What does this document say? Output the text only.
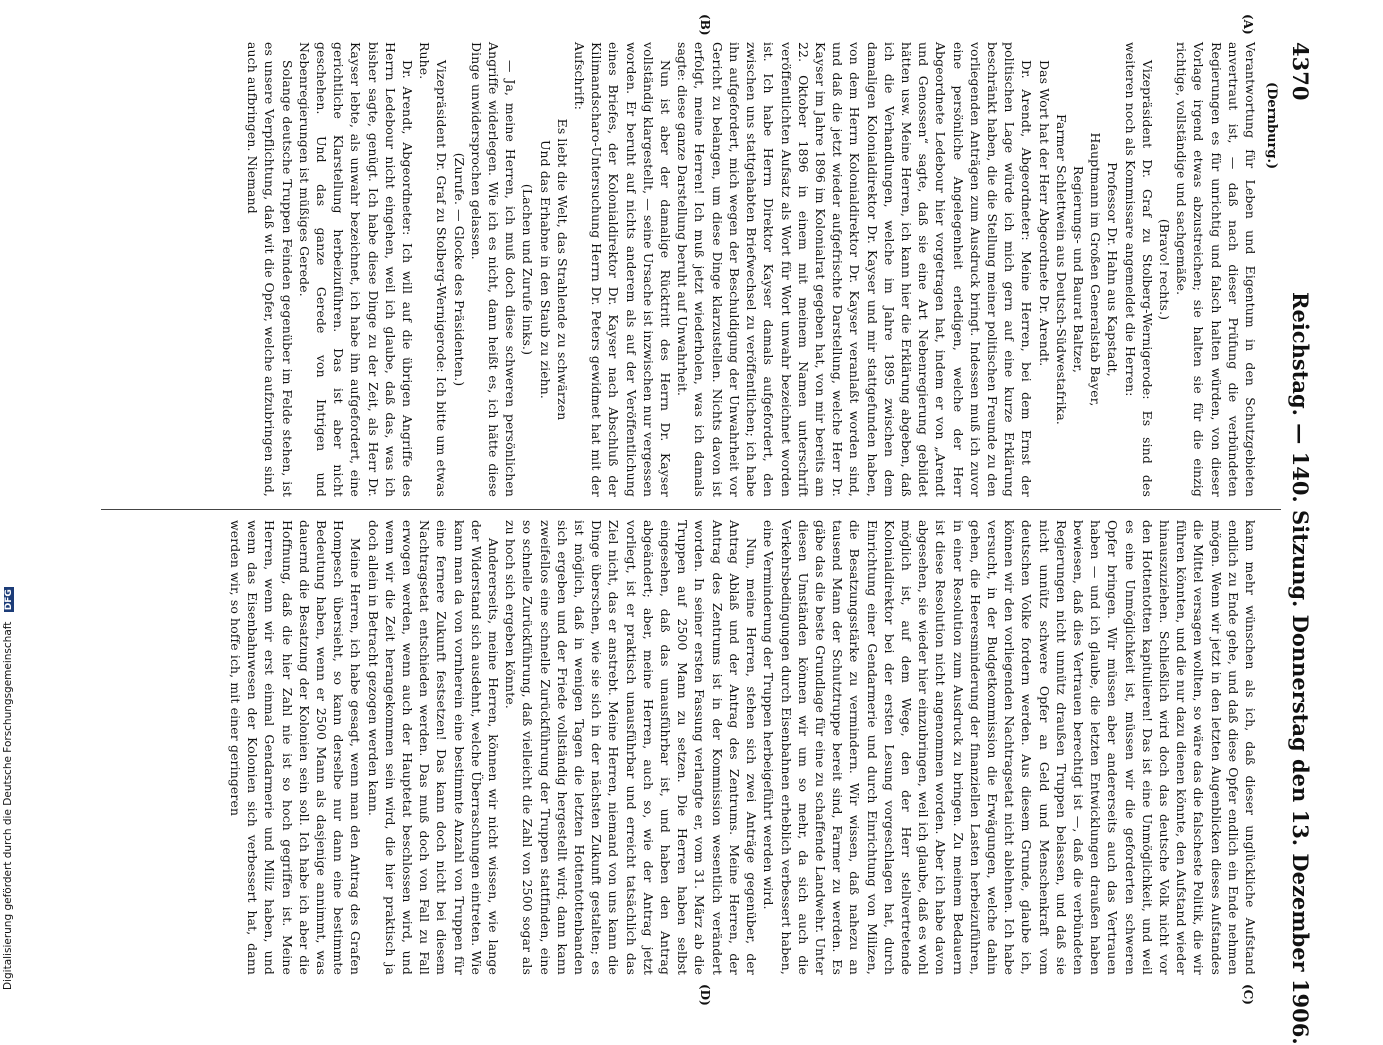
4370
Reichstag. — 140. Sitzung. Donnerstag den 13. Dezember 1906.
(Dernburg.)
(A)
(B)
(C)
(D)

Verantwortung für Leben und Eigentum in den Schutzgebieten anvertraut ist, — daß nach dieser Prüfung die verbündeten Regierungen es für unrichtig und falsch halten würden, von dieser Vorlage irgend etwas abzustreichen; sie halten sie für die einzig richtige, vollständige und sachgemäße.

(Bravo! rechts.)

Vizepräsident Dr. Graf zu Stolberg-Wernigerode: Es sind des weiteren noch als Kommissare angemeldet die Herren:

Professor Dr. Hahn aus Kapstadt,

Hauptmann im Großen Generalstab Bayer,

Regierungs- und Baurat Baltzer,

Farmer Schlettwein aus Deutsch-Südwestafrika.

Das Wort hat der Herr Abgeordnete Dr. Arendt.

Dr. Arendt, Abgeordneter: Meine Herren, bei dem Ernst der politischen Lage würde ich mich gern auf eine kurze Erklärung beschränkt haben, die die Stellung meiner politischen Freunde zu den vorliegenden Anträgen zum Ausdruck bringt. Indessen muß ich zuvor eine persönliche Angelegenheit erledigen, welche der Herr Abgeordnete Ledebour hier vorgetragen hat, indem er von „Arendt und Genossen“ sagte, daß sie eine Art Nebenregierung gebildet hätten usw. Meine Herren, ich kann hier die Erklärung abgeben, daß ich die Verhandlungen, welche im Jahre 1895 zwischen dem damaligen Kolonialdirektor Dr. Kayser und mir stattgefunden haben, von dem Herrn Kolonialdirektor Dr. Kayser veranlaßt worden sind, und daß die jetzt wieder aufgefrischte Darstellung, welche Herr Dr. Kayser im Jahre 1896 im Kolonialrat gegeben hat, von mir bereits am 22. Oktober 1896 in einem mit meinem Namen unterschrift veröffentlichten Aufsatz als Wort für Wort unwahr bezeichnet worden ist. Ich habe Herrn Direktor Kayser damals aufgefordert, den zwischen uns stattgehabten Briefwechsel zu veröffentlichen; ich habe ihn aufgefordert, mich wegen der Beschuldigung der Unwahrheit vor Gericht zu belangen, um diese Dinge klarzustellen. Nichts davon ist erfolgt, meine Herren! Ich muß jetzt wiederholen, was ich damals sagte: diese ganze Darstellung beruht auf Unwahrheit.

Nun ist aber der damalige Rücktritt des Herrn Dr. Kayser vollständig klargestellt, — seine Ursache ist inzwischen nur vergessen worden. Er beruht auf nichts anderem als auf der Veröffentlichung eines Briefes, der Kolonialdirektor Dr. Kayser nach Abschluß der Kilimandscharo-Untersuchung Herrn Dr. Peters gewidmet hat mit der Aufschrift:

Es liebt die Welt, das Strahlende zu schwärzen

Und das Erhabne in den Staub zu ziehn.

(Lachen und Zurufe links.)

— Ja, meine Herren, ich muß doch diese schweren persönlichen Angriffe widerlegen. Wie ich es nicht, dann heißt es, ich hätte diese Dinge unwidersprochen gelassen.

(Zurufe. — Glocke des Präsidenten.)

Vizepräsident Dr. Graf zu Stolberg-Wernigerode: Ich bitte um etwas Ruhe.

Dr. Arendt, Abgeordneter: Ich will auf die übrigen Angriffe des Herrn Ledebour nicht eingehen, weil ich glaube, daß das, was ich bisher sagte, genügt. Ich habe diese Dinge zu der Zeit, als Herr Dr. Kayser lebte, als unwahr bezeichnet, ich habe ihn aufgefordert, eine gerichtliche Klarstellung herbeizuführen. Das ist aber nicht geschehen. Und das ganze Gerede von Intrigen und Nebenregierungen ist müßiges Gerede.

Solange deutsche Truppen Feinden gegenüber im Felde stehen, ist es unsere Verpflichtung, daß wit die Opfer, welche aufzubringen sind, auch aufbringen. Niemand

kann mehr wünschen als ich, daß dieser unglückliche Aufstand endlich zu Ende gehe, und daß diese Opfer endlich ein Ende nehmen mögen. Wenn wir jetzt in den letzten Augenblicken dieses Aufstandes die Mittel versagen wollten, so wäre das die falscheste Politik, die wir führen könnten, und die nur dazu dienen könnte, den Aufstand wieder hinauszuziehen. Schließlich wird doch das deutsche Volk nicht vor den Hottentotten kapitulieren! Das ist eine Unmöglichkeit, und weil es eine Unmöglichkeit ist, müssen wir die geforderten schweren Opfer bringen. Wir müssen aber andererseits auch das Vertrauen haben — und ich glaube, die letzten Entwicklungen draußen haben bewiesen, daß dies Vertrauen berechtigt ist —, daß die verbündeten Regierungen nicht unnütz draußen Truppen belassen, und daß sie nicht unnütz schwere Opfer an Geld und Menschenkraft vom deutschen Volke fordern werden. Aus diesem Grunde, glaube ich, können wir den vorliegenden Nachtragsetat nicht ablehnen. Ich habe versucht, in der Budgetkommission die Erwägungen, welche dahin gehen, die Heeresminderung der finanziellen Lasten herbeizuführen, in einer Resolution zum Ausdruck zu bringen. Zu meinem Bedauern ist diese Resolution nicht angenommen worden. Aber ich habe davon abgesehen, sie wieder hier einzubringen, weil ich glaube, daß es wohl möglich ist, auf dem Wege, den der Herr stellvertretende Kolonialdirektor bei der ersten Lesung vorgeschlagen hat, durch Einrichtung einer Gendarmerie und durch Einrichtung von Milizen, die Besatzungsstärke zu vermindern. Wir wissen, daß nahezu an tausend Mann der Schutztruppe bereit sind, Farmer zu werden. Es gäbe das die beste Grundlage für eine zu schaffende Landwehr. Unter diesen Umständen können wir um so mehr, da sich auch die Verkehrsbedingungen durch Eisenbahnen erheblich verbessert haben, eine Verminderung der Truppen herbeigeführt werden wird.

Nun, meine Herren, stehen sich zwei Anträge gegenüber, der Antrag Ablaß und der Antrag des Zentrums. Meine Herren, der Antrag des Zentrums ist in der Kommission wesentlich verändert worden. In seiner ersten Fassung verlangte er, vom 31. März ab die Truppen auf 2500 Mann zu setzen. Die Herren haben selbst eingesehen, daß das unausführbar ist, und haben den Antrag abgeändert; aber, meine Herren, auch so, wie der Antrag jetzt vorliegt, ist er praktisch unausführbar und erreicht tatsächlich das Ziel nicht, das er anstrebt. Meine Herren, niemand von uns kann die Dinge überschen, wie sie sich in der nächsten Zukunft gestalten; es ist möglich, daß in wenigen Tagen die letzten Hottentottenbanden sich ergeben und der Friede vollständig hergestellt wird; dann kann zweifellos eine schnelle Zurückführung der Truppen stattfinden, eine so schnelle Zurückführung, daß vielleicht die Zahl von 2500 sogar als zu hoch sich ergeben könnte.

Andererseits, meine Herren, können wir nicht wissen, wie lange der Widerstand sich ausdehnt, welche Überraschungen eintreten. Wie kann man da von vornherein eine bestimmte Anzahl von Truppen für eine fernere Zukunft festsetzen! Das kann doch nicht bei diesem Nachtragsetat entschieden werden. Das muß doch von Fall zu Fall erwogen werden, wenn auch der Hauptetat beschlossen wird, und wenn wir die Zeit herangekommen sein wird, die hier praktisch ja doch allein in Betracht gezogen werden kann.

Meine Herren, ich habe gesagt, wenn man den Antrag des Grafen Hompesch übersieht, so kann derselbe nur dann eine bestimmte Bedeutung haben, wenn er 2500 Mann als dasjenige annimmt, was dauernd die Besatzung der Kolonien sein soll. Ich habe ich aber die Hoffnung, daß die hier Zahl nie ist so hoch gegriffen ist. Meine Herren, wenn wir erst einmal Gendarmerie und Miliz haben, und wenn das Eisenbahnwesen der Kolonien sich verbessert hat, dann werden wir, so hoffe ich, mit einer geringeren

Digitalisierung gefördert durch die Deutsche Forschungsgemeinschaft DFG
